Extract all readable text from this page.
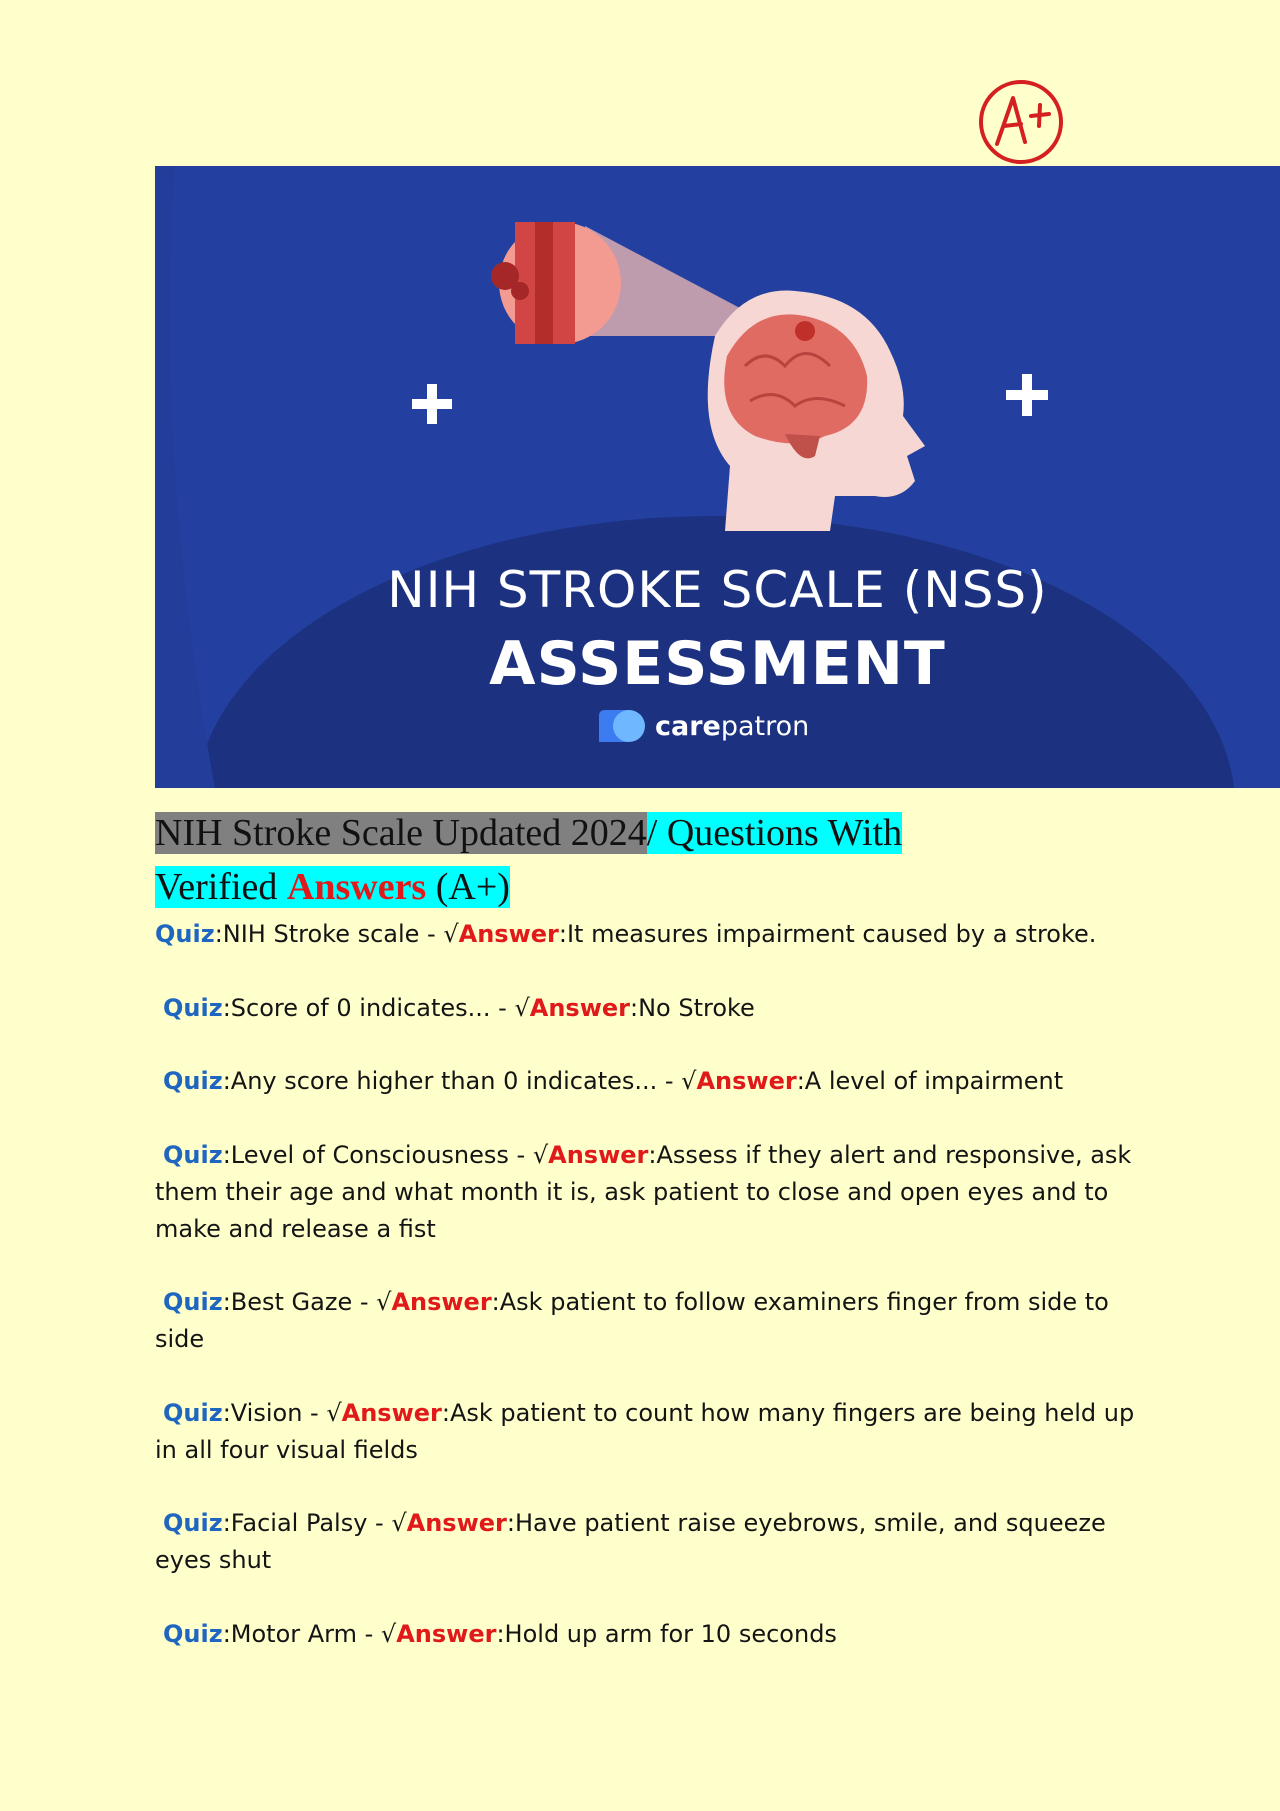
NIH STROKE SCALE (NSS)
ASSESSMENT
carepatron
NIH Stroke Scale Updated 2024/ Questions With
Verified Answers (A+)

Quiz:NIH Stroke scale - √Answer:It measures impairment caused by a stroke.

Quiz:Score of 0 indicates... - √Answer:No Stroke

Quiz:Any score higher than 0 indicates... - √Answer:A level of impairment

Quiz:Level of Consciousness - √Answer:Assess if they alert and responsive, ask them their age and what month it is, ask patient to close and open eyes and to make and release a fist

Quiz:Best Gaze - √Answer:Ask patient to follow examiners finger from side to side

Quiz:Vision - √Answer:Ask patient to count how many fingers are being held up in all four visual fields

Quiz:Facial Palsy - √Answer:Have patient raise eyebrows, smile, and squeeze eyes shut

Quiz:Motor Arm - √Answer:Hold up arm for 10 seconds
